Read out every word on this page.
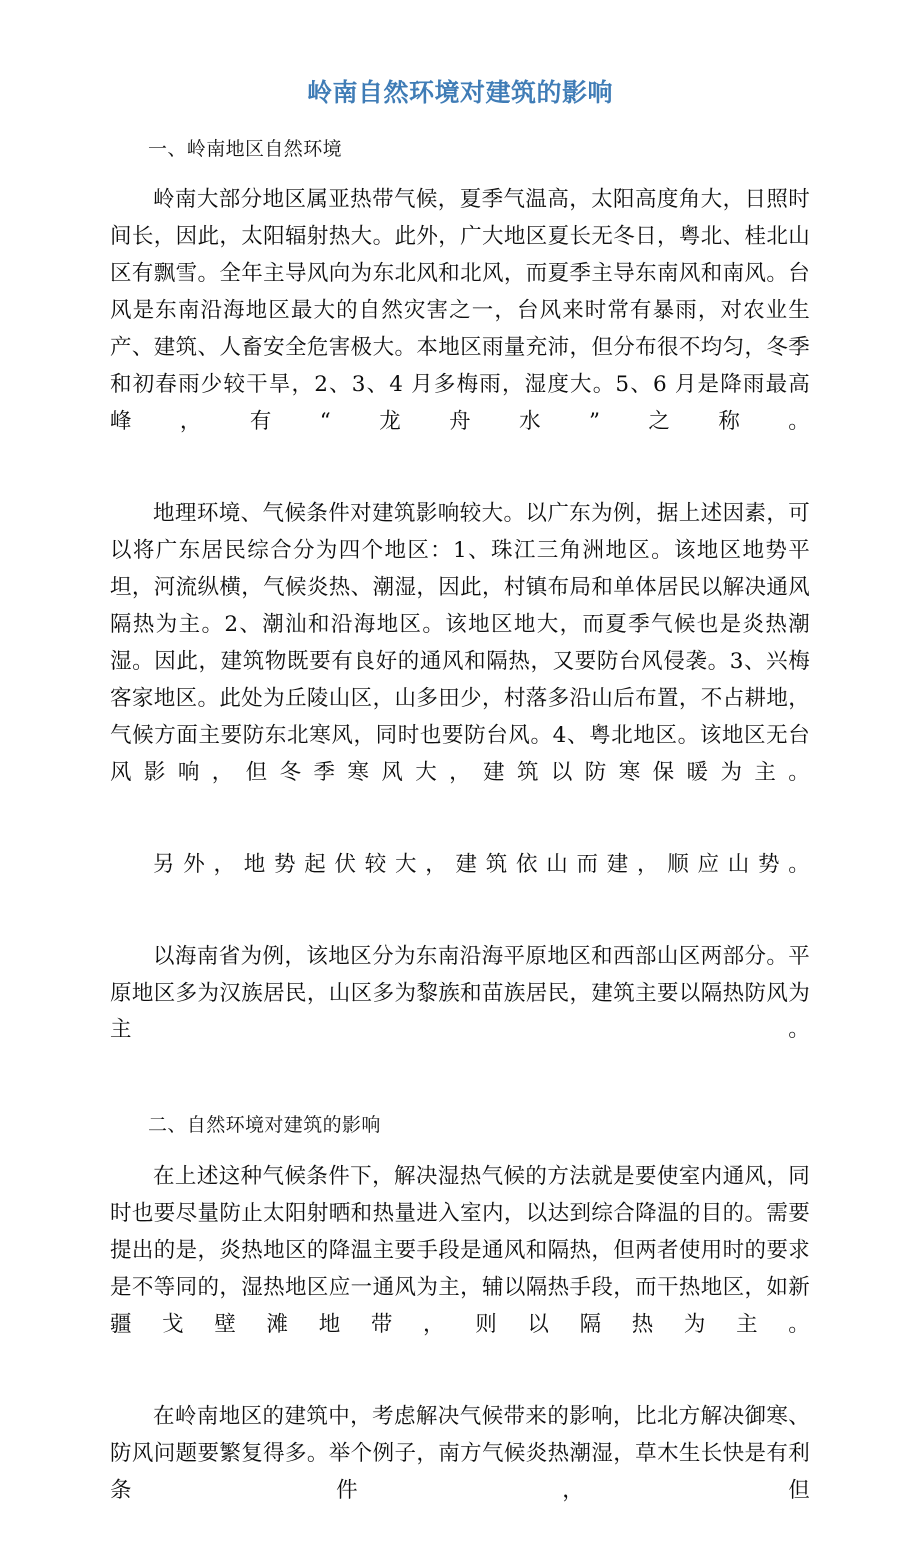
岭南自然环境对建筑的影响
一、岭南地区自然环境

岭南大部分地区属亚热带气候，夏季气温高，太阳高度角大，日照时间长，因此，太阳辐射热大。此外，广大地区夏长无冬日，粤北、桂北山区有飘雪。全年主导风向为东北风和北风，而夏季主导东南风和南风。台风是东南沿海地区最大的自然灾害之一，台风来时常有暴雨，对农业生产、建筑、人畜安全危害极大。本地区雨量充沛，但分布很不均匀，冬季和初春雨少较干旱，2、3、4 月多梅雨，湿度大。5、6 月是降雨最高峰，有“龙舟水”之称。

地理环境、气候条件对建筑影响较大。以广东为例，据上述因素，可以将广东居民综合分为四个地区：1、珠江三角洲地区。该地区地势平坦，河流纵横，气候炎热、潮湿，因此，村镇布局和单体居民以解决通风隔热为主。2、潮汕和沿海地区。该地区地大，而夏季气候也是炎热潮湿。因此，建筑物既要有良好的通风和隔热，又要防台风侵袭。3、兴梅客家地区。此处为丘陵山区，山多田少，村落多沿山后布置，不占耕地，气候方面主要防东北寒风，同时也要防台风。4、粤北地区。该地区无台风影响，但冬季寒风大，建筑以防寒保暖为主。

另外，地势起伏较大，建筑依山而建，顺应山势。

以海南省为例，该地区分为东南沿海平原地区和西部山区两部分。平原地区多为汉族居民，山区多为黎族和苗族居民，建筑主要以隔热防风为主。

二、自然环境对建筑的影响

在上述这种气候条件下，解决湿热气候的方法就是要使室内通风，同时也要尽量防止太阳射晒和热量进入室内，以达到综合降温的目的。需要提出的是，炎热地区的降温主要手段是通风和隔热，但两者使用时的要求是不等同的，湿热地区应一通风为主，辅以隔热手段，而干热地区，如新疆戈壁滩地带，则以隔热为主。

在岭南地区的建筑中，考虑解决气候带来的影响，比北方解决御寒、防风问题要繁复得多。举个例子，南方气候炎热潮湿，草木生长快是有利条件，但
